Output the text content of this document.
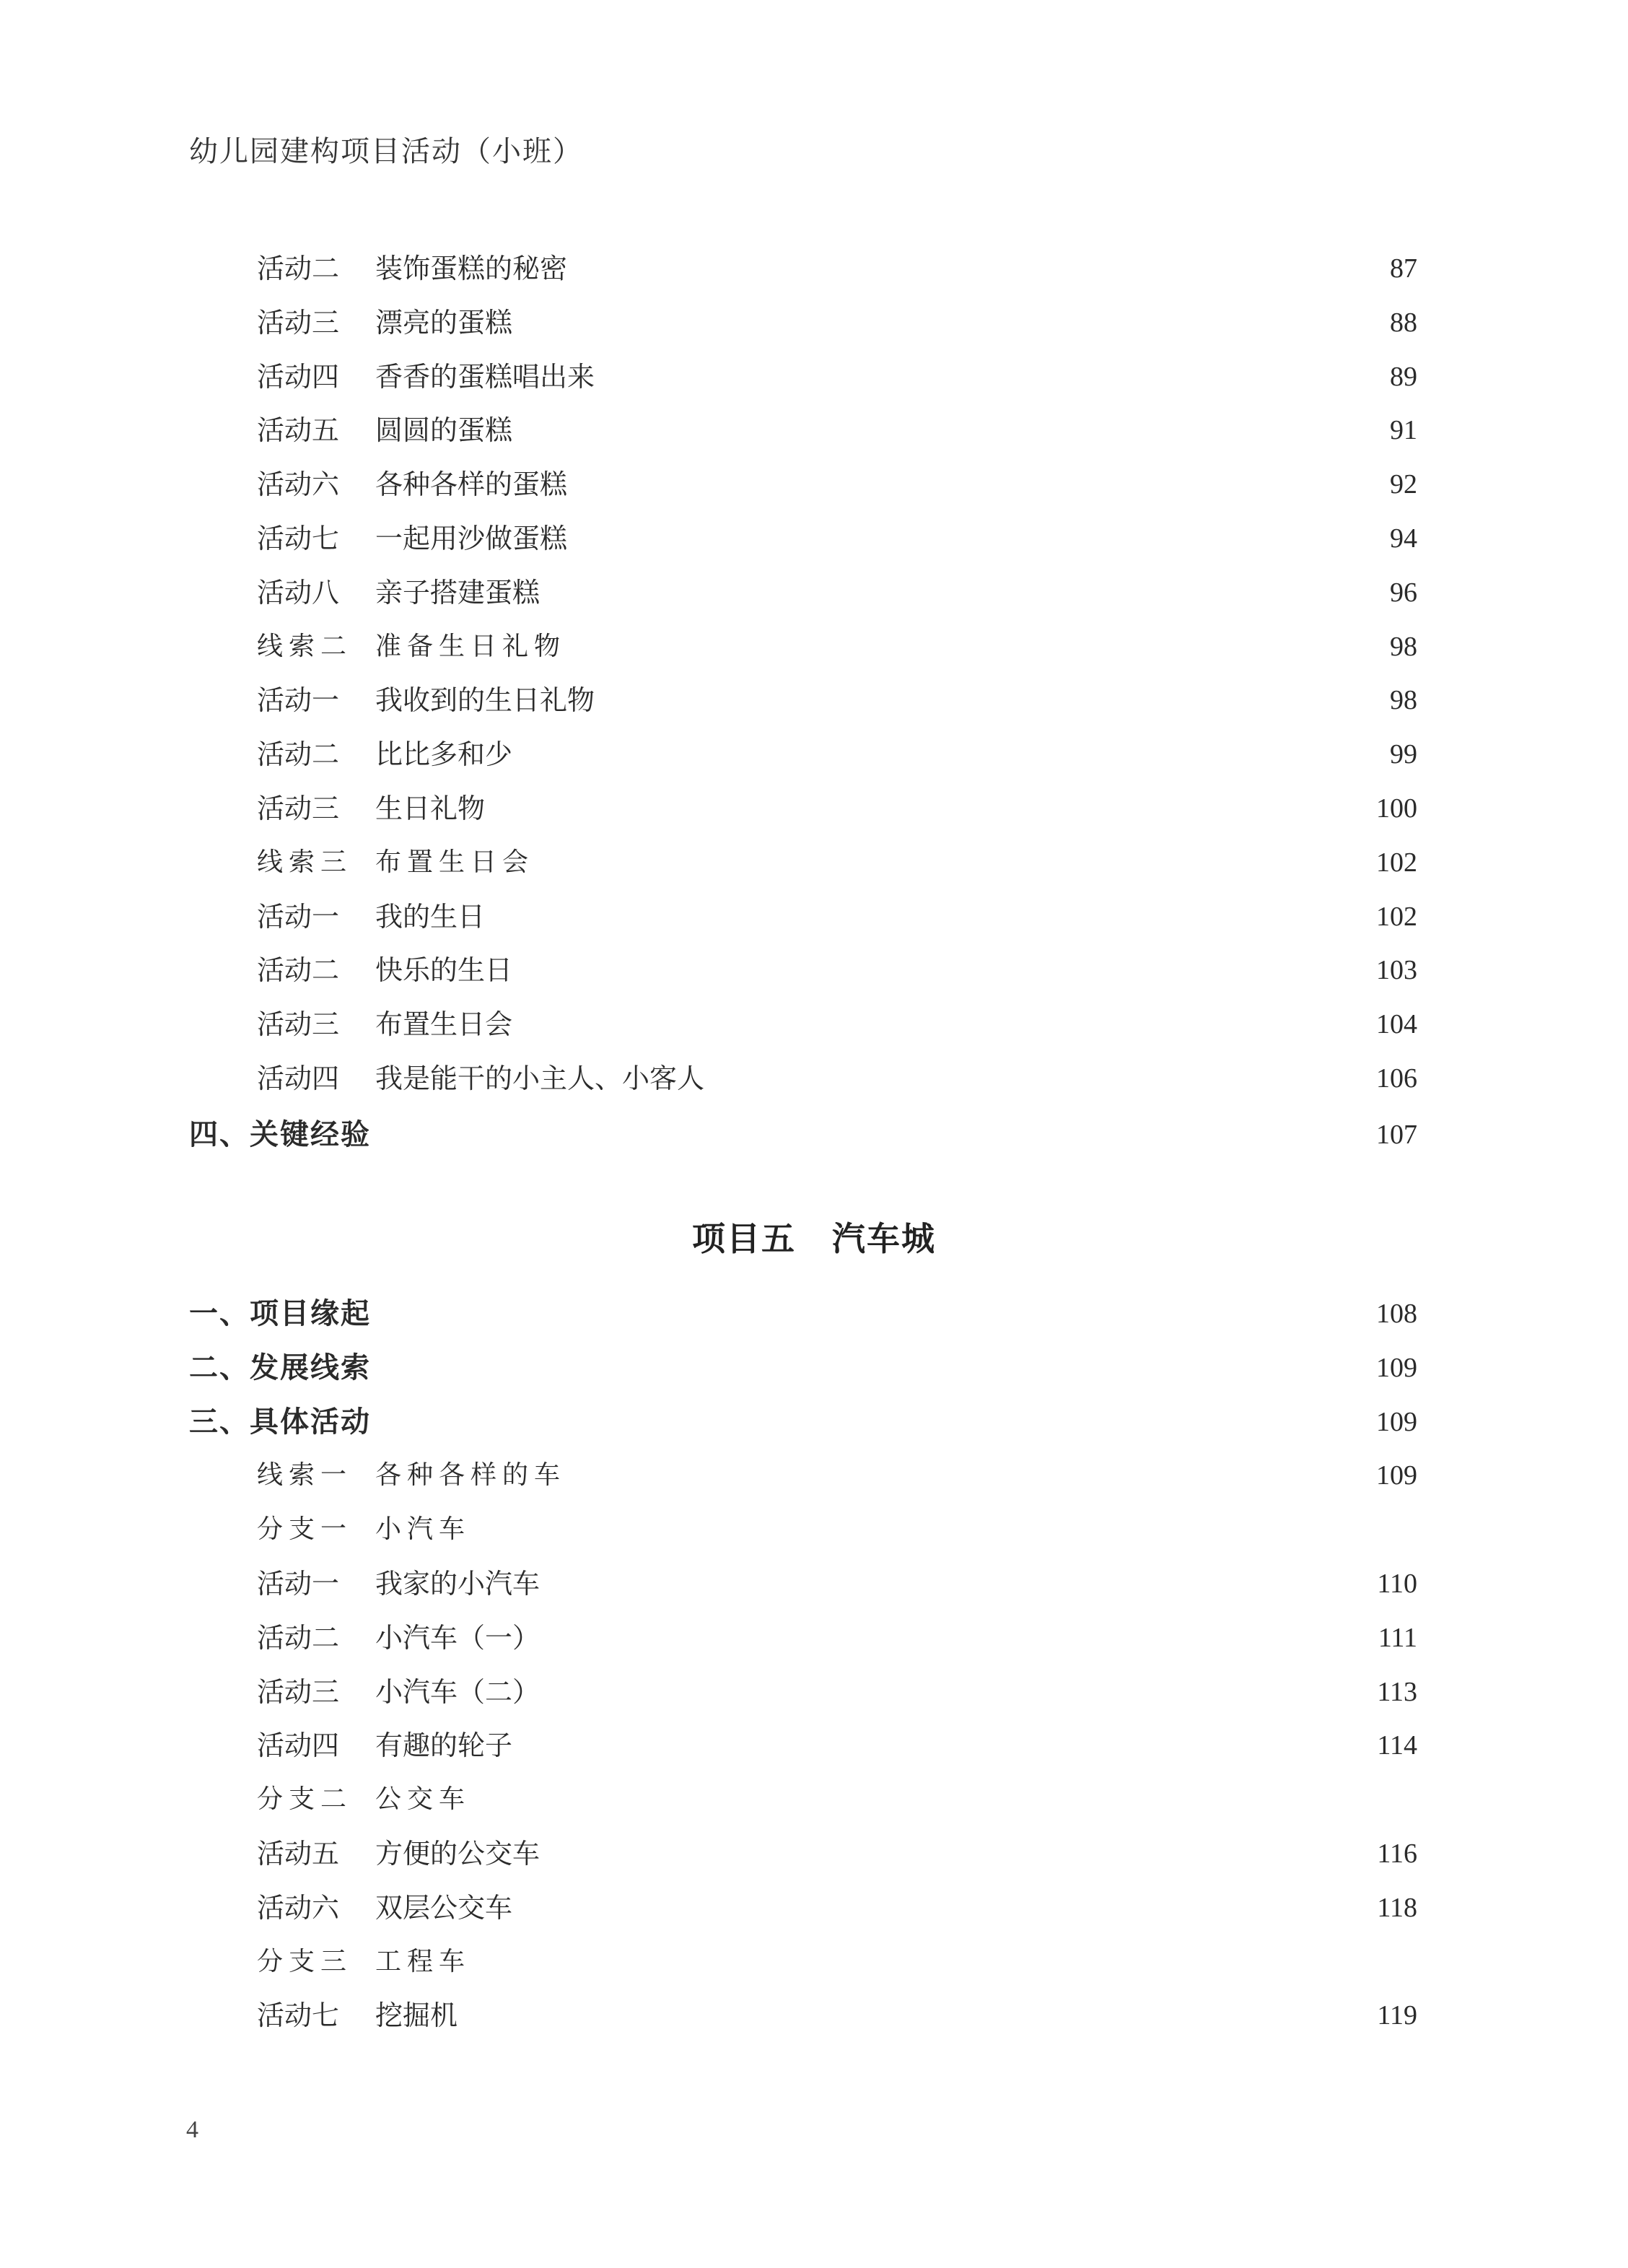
幼儿园建构项目活动（小班）
活动二 装饰蛋糕的秘密	87
活动三 漂亮的蛋糕	88
活动四 香香的蛋糕唱出来	89
活动五 圆圆的蛋糕	91
活动六 各种各样的蛋糕	92
活动七 一起用沙做蛋糕	94
活动八 亲子搭建蛋糕	96
线索二 准备生日礼物	98
活动一 我收到的生日礼物	98
活动二 比比多和少	99
活动三 生日礼物	100
线索三 布置生日会	102
活动一 我的生日	102
活动二 快乐的生日	103
活动三 布置生日会	104
活动四 我是能干的小主人、小客人	106
四、关键经验	107
项目五 汽车城
一、项目缘起	108
二、发展线索	109
三、具体活动	109
线索一 各种各样的车	109
分支一 小汽车
活动一 我家的小汽车	110
活动二 小汽车（一）	111
活动三 小汽车（二）	113
活动四 有趣的轮子	114
分支二 公交车
活动五 方便的公交车	116
活动六 双层公交车	118
分支三 工程车
活动七 挖掘机	119
4
